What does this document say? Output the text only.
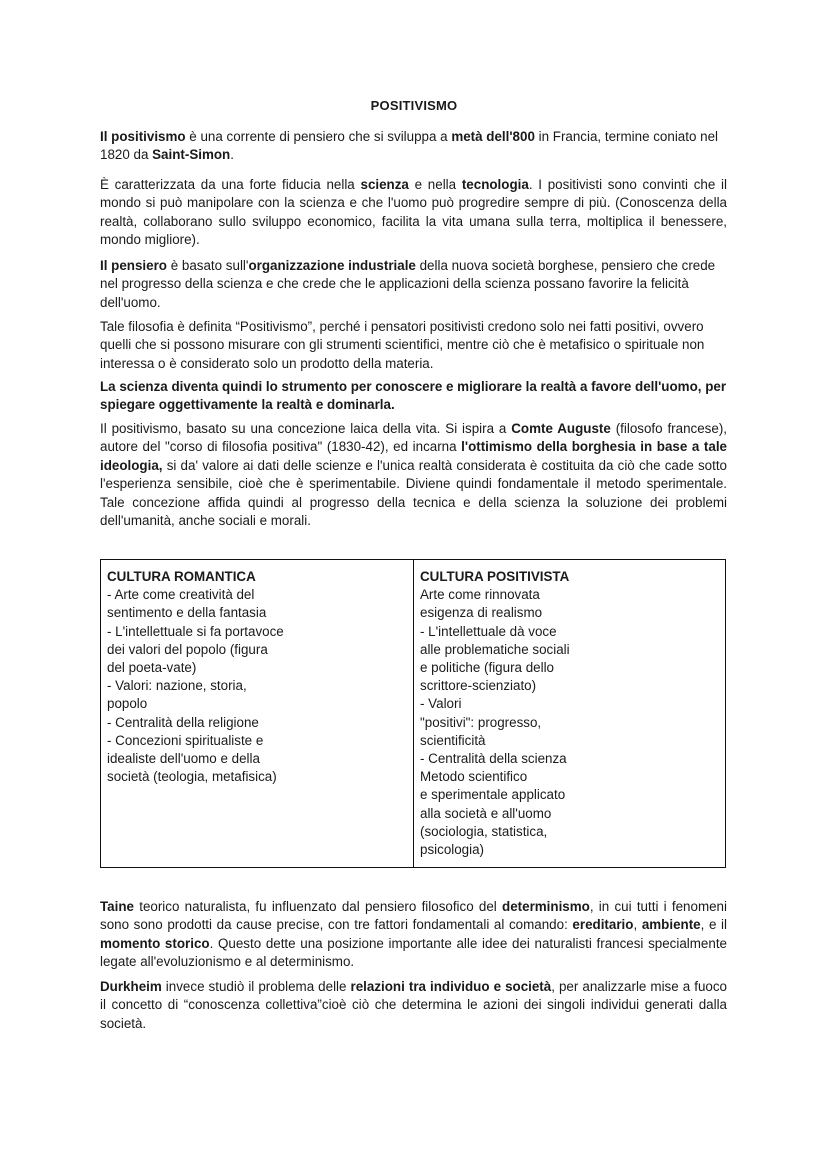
POSITIVISMO

Il positivismo è una corrente di pensiero che si sviluppa a metà dell'800 in Francia, termine coniato nel 1820 da Saint-Simon.

È caratterizzata da una forte fiducia nella scienza e nella tecnologia. I positivisti sono convinti che il mondo si può manipolare con la scienza e che l'uomo può progredire sempre di più. (Conoscenza della realtà, collaborano sullo sviluppo economico, facilita la vita umana sulla terra, moltiplica il benessere, mondo migliore).

Il pensiero è basato sull'organizzazione industriale della nuova società borghese, pensiero che crede nel progresso della scienza e che crede che le applicazioni della scienza possano favorire la felicità dell'uomo.

Tale filosofia è definita “Positivismo”, perché i pensatori positivisti credono solo nei fatti positivi, ovvero quelli che si possono misurare con gli strumenti scientifici, mentre ciò che è metafisico o spirituale non interessa o è considerato solo un prodotto della materia.

La scienza diventa quindi lo strumento per conoscere e migliorare la realtà a favore dell'uomo, per spiegare oggettivamente la realtà e dominarla.

Il positivismo, basato su una concezione laica della vita. Si ispira a Comte Auguste (filosofo francese), autore del "corso di filosofia positiva" (1830-42), ed incarna l'ottimismo della borghesia in base a tale ideologia, si da' valore ai dati delle scienze e l'unica realtà considerata è costituita da ciò che cade sotto l'esperienza sensibile, cioè che è sperimentabile. Diviene quindi fondamentale il metodo sperimentale. Tale concezione affida quindi al progresso della tecnica e della scienza la soluzione dei problemi dell'umanità, anche sociali e morali.

CULTURA ROMANTICA
- Arte come creatività del
sentimento e della fantasia
- L'intellettuale si fa portavoce
dei valori del popolo (figura
del poeta-vate)
- Valori: nazione, storia,
popolo
- Centralità della religione
- Concezioni spiritualiste e
idealiste dell'uomo e della
società (teologia, metafisica)
CULTURA POSITIVISTA
Arte come rinnovata
esigenza di realismo
- L'intellettuale dà voce
alle problematiche sociali
e politiche (figura dello
scrittore-scienziato)
- Valori
"positivi": progresso,
scientificità
- Centralità della scienza
Metodo scientifico
e sperimentale applicato
alla società e all'uomo
(sociologia, statistica,
psicologia)

Taine teorico naturalista, fu influenzato dal pensiero filosofico del determinismo, in cui tutti i fenomeni sono sono prodotti da cause precise, con tre fattori fondamentali al comando: ereditario, ambiente, e il momento storico. Questo dette una posizione importante alle idee dei naturalisti francesi specialmente legate all'evoluzionismo e al determinismo.

Durkheim invece studiò il problema delle relazioni tra individuo e società, per analizzarle mise a fuoco il concetto di “conoscenza collettiva”cioè ciò che determina le azioni dei singoli individui generati dalla società.
